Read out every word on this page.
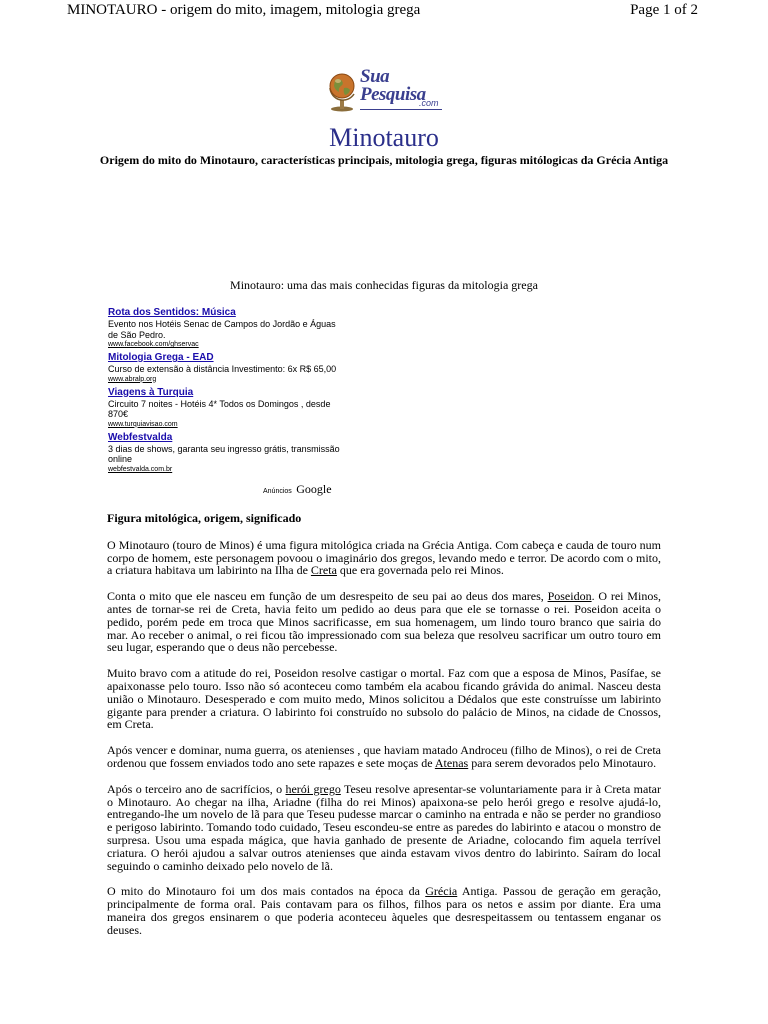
MINOTAURO - origem do mito, imagem, mitologia grega	Page 1 of 2
Sua
Pesquisa
.com
Minotauro
Origem do mito do Minotauro, características principais, mitologia grega, figuras mitólogicas da Grécia Antiga
Minotauro: uma das mais conhecidas figuras da mitologia grega
Rota dos Sentidos: Música
Evento nos Hotéis Senac de Campos do Jordão e Águas de São Pedro.
www.facebook.com/ghservac
Mitologia Grega - EAD
Curso de extensão à distância Investimento: 6x R$ 65,00
www.abralp.org
Viagens à Turquia
Circuito 7 noites - Hotéis 4* Todos os Domingos , desde 870€
www.turquiavisao.com
Webfestvalda
3 dias de shows, garanta seu ingresso grátis, transmissão online
webfestvalda.com.br
Anúncios Google
Figura mitológica, origem, significado

O Minotauro (touro de Minos) é uma figura mitológica criada na Grécia Antiga. Com cabeça e cauda de touro num corpo de homem, este personagem povoou o imaginário dos gregos, levando medo e terror. De acordo com o mito, a criatura habitava um labirinto na Ilha de Creta que era governada pelo rei Minos.

Conta o mito que ele nasceu em função de um desrespeito de seu pai ao deus dos mares, Poseidon. O rei Minos, antes de tornar-se rei de Creta, havia feito um pedido ao deus para que ele se tornasse o rei. Poseidon aceita o pedido, porém pede em troca que Minos sacrificasse, em sua homenagem, um lindo touro branco que sairia do mar. Ao receber o animal, o rei ficou tão impressionado com sua beleza que resolveu sacrificar um outro touro em seu lugar, esperando que o deus não percebesse.

Muito bravo com a atitude do rei, Poseidon resolve castigar o mortal. Faz com que a esposa de Minos, Pasífae, se apaixonasse pelo touro. Isso não só aconteceu como também ela acabou ficando grávida do animal. Nasceu desta união o Minotauro. Desesperado e com muito medo, Minos solicitou a Dédalos que este construísse um labirinto gigante para prender a criatura. O labirinto foi construído no subsolo do palácio de Minos, na cidade de Cnossos, em Creta.

Após vencer e dominar, numa guerra, os atenienses , que haviam matado Androceu (filho de Minos), o rei de Creta ordenou que fossem enviados todo ano sete rapazes e sete moças de Atenas para serem devorados pelo Minotauro.

Após o terceiro ano de sacrifícios, o herói grego Teseu resolve apresentar-se voluntariamente para ir à Creta matar o Minotauro. Ao chegar na ilha, Ariadne (filha do rei Minos) apaixona-se pelo herói grego e resolve ajudá-lo, entregando-lhe um novelo de lã para que Teseu pudesse marcar o caminho na entrada e não se perder no grandioso e perigoso labirinto. Tomando todo cuidado, Teseu escondeu-se entre as paredes do labirinto e atacou o monstro de surpresa. Usou uma espada mágica, que havia ganhado de presente de Ariadne, colocando fim aquela terrível criatura. O herói ajudou a salvar outros atenienses que ainda estavam vivos dentro do labirinto. Saíram do local seguindo o caminho deixado pelo novelo de lã.

O mito do Minotauro foi um dos mais contados na época da Grécia Antiga. Passou de geração em geração, principalmente de forma oral. Pais contavam para os filhos, filhos para os netos e assim por diante. Era uma maneira dos gregos ensinarem o que poderia aconteceu àqueles que desrespeitassem ou tentassem enganar os deuses.
